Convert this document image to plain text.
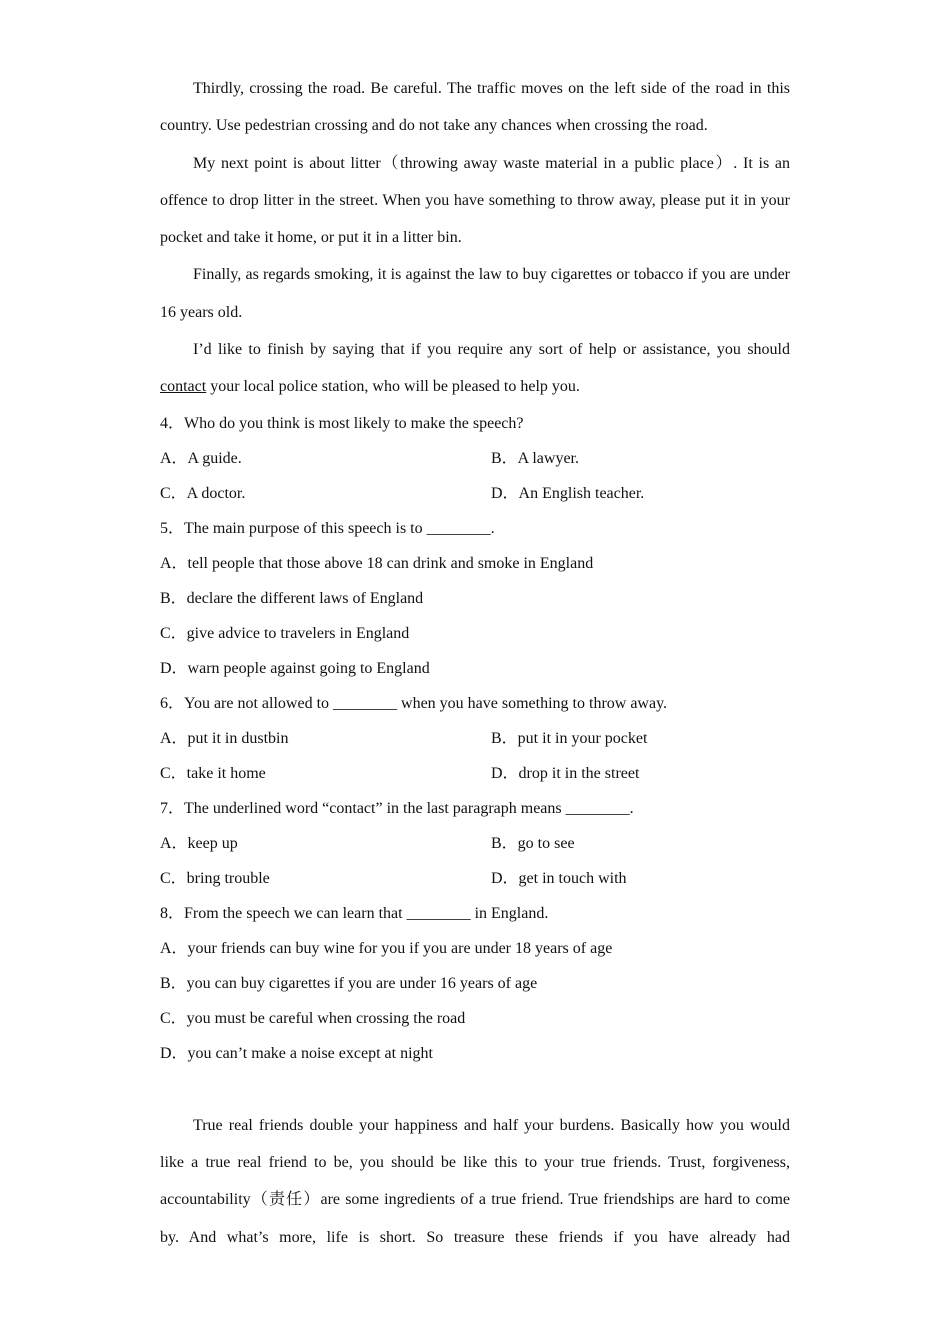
Thirdly, crossing the road. Be careful. The traffic moves on the left side of the road in this country. Use pedestrian crossing and do not take any chances when crossing the road.

My next point is about litter（throwing away waste material in a public place）. It is an offence to drop litter in the street. When you have something to throw away, please put it in your pocket and take it home, or put it in a litter bin.

Finally, as regards smoking, it is against the law to buy cigarettes or tobacco if you are under 16 years old.

I’d like to finish by saying that if you require any sort of help or assistance, you should contact your local police station, who will be pleased to help you.

4．Who do you think is most likely to make the speech?
A．A guide.	B．A lawyer.
C．A doctor.	D．An English teacher.
5．The main purpose of this speech is to ________.
A．tell people that those above 18 can drink and smoke in England
B．declare the different laws of England
C．give advice to travelers in England
D．warn people against going to England
6．You are not allowed to ________ when you have something to throw away.
A．put it in dustbin	B．put it in your pocket
C．take it home	D．drop it in the street
7．The underlined word “contact” in the last paragraph means ________.
A．keep up	B．go to see
C．bring trouble	D．get in touch with
8．From the speech we can learn that ________ in England.
A．your friends can buy wine for you if you are under 18 years of age
B．you can buy cigarettes if you are under 16 years of age
C．you must be careful when crossing the road
D．you can’t make a noise except at night

True real friends double your happiness and half your burdens. Basically how you would like a true real friend to be, you should be like this to your true friends. Trust, forgiveness, accountability（责任）are some ingredients of a true friend. True friendships are hard to come by. And what’s more, life is short. So treasure these friends if you have already had
